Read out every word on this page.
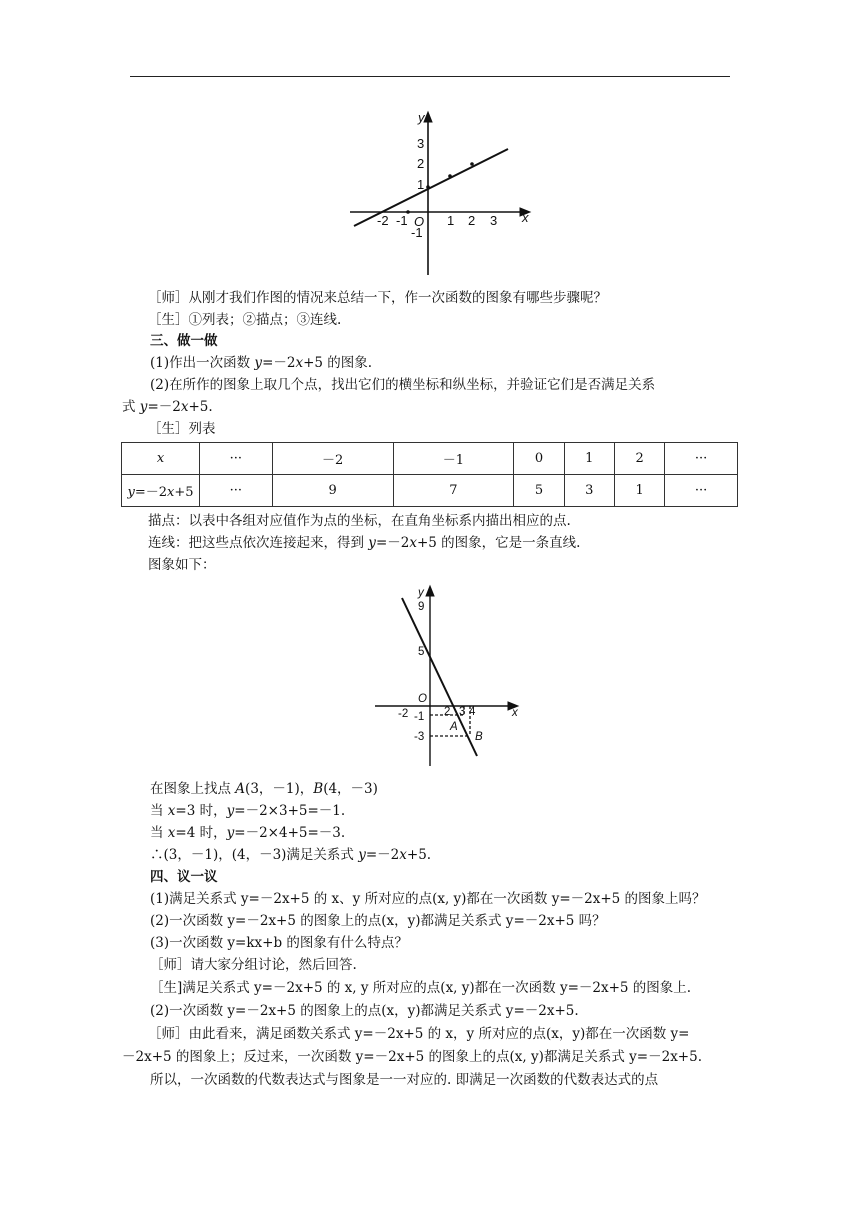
y
x
O
-2 -1	1 2 3
3
2
1
-1
［师］从刚才我们作图的情况来总结一下，作一次函数的图象有哪些步骤呢？
［生］①列表；②描点；③连线.
三、做一做
(1)作出一次函数 y=－2x+5 的图象.
(2)在所作的图象上取几个点，找出它们的横坐标和纵坐标，并验证它们是否满足关系
式 y=－2x+5.
［生］列表
x	···	－2	－1	0	1	2	···
y=－2x+5	···	9	7	5	3	1	···
描点：以表中各组对应值作为点的坐标，在直角坐标系内描出相应的点.
连线：把这些点依次连接起来，得到 y=－2x+5 的图象，它是一条直线.
图象如下：
y
x
O
-2	2 3 4
9
5
-1
-3
A
B
在图象上找点 A(3，－1)，B(4，－3)
当 x=3 时，y=－2×3+5=－1.
当 x=4 时，y=－2×4+5=－3.
∴(3，－1)，(4，－3)满足关系式 y=－2x+5.
四、议一议
(1)满足关系式 y=－2x+5 的 x、y 所对应的点(x, y)都在一次函数 y=－2x+5 的图象上吗？
(2)一次函数 y=－2x+5 的图象上的点(x，y)都满足关系式 y=－2x+5 吗？
(3)一次函数 y=kx+b 的图象有什么特点？
［师］请大家分组讨论，然后回答.
［生]满足关系式 y=－2x+5 的 x, y 所对应的点(x, y)都在一次函数 y=－2x+5 的图象上.
(2)一次函数 y=－2x+5 的图象上的点(x，y)都满足关系式 y=－2x+5.
［师］由此看来，满足函数关系式 y=－2x+5 的 x，y 所对应的点(x，y)都在一次函数 y=
－2x+5 的图象上；反过来，一次函数 y=－2x+5 的图象上的点(x, y)都满足关系式 y=－2x+5.
所以，一次函数的代数表达式与图象是一一对应的. 即满足一次函数的代数表达式的点
